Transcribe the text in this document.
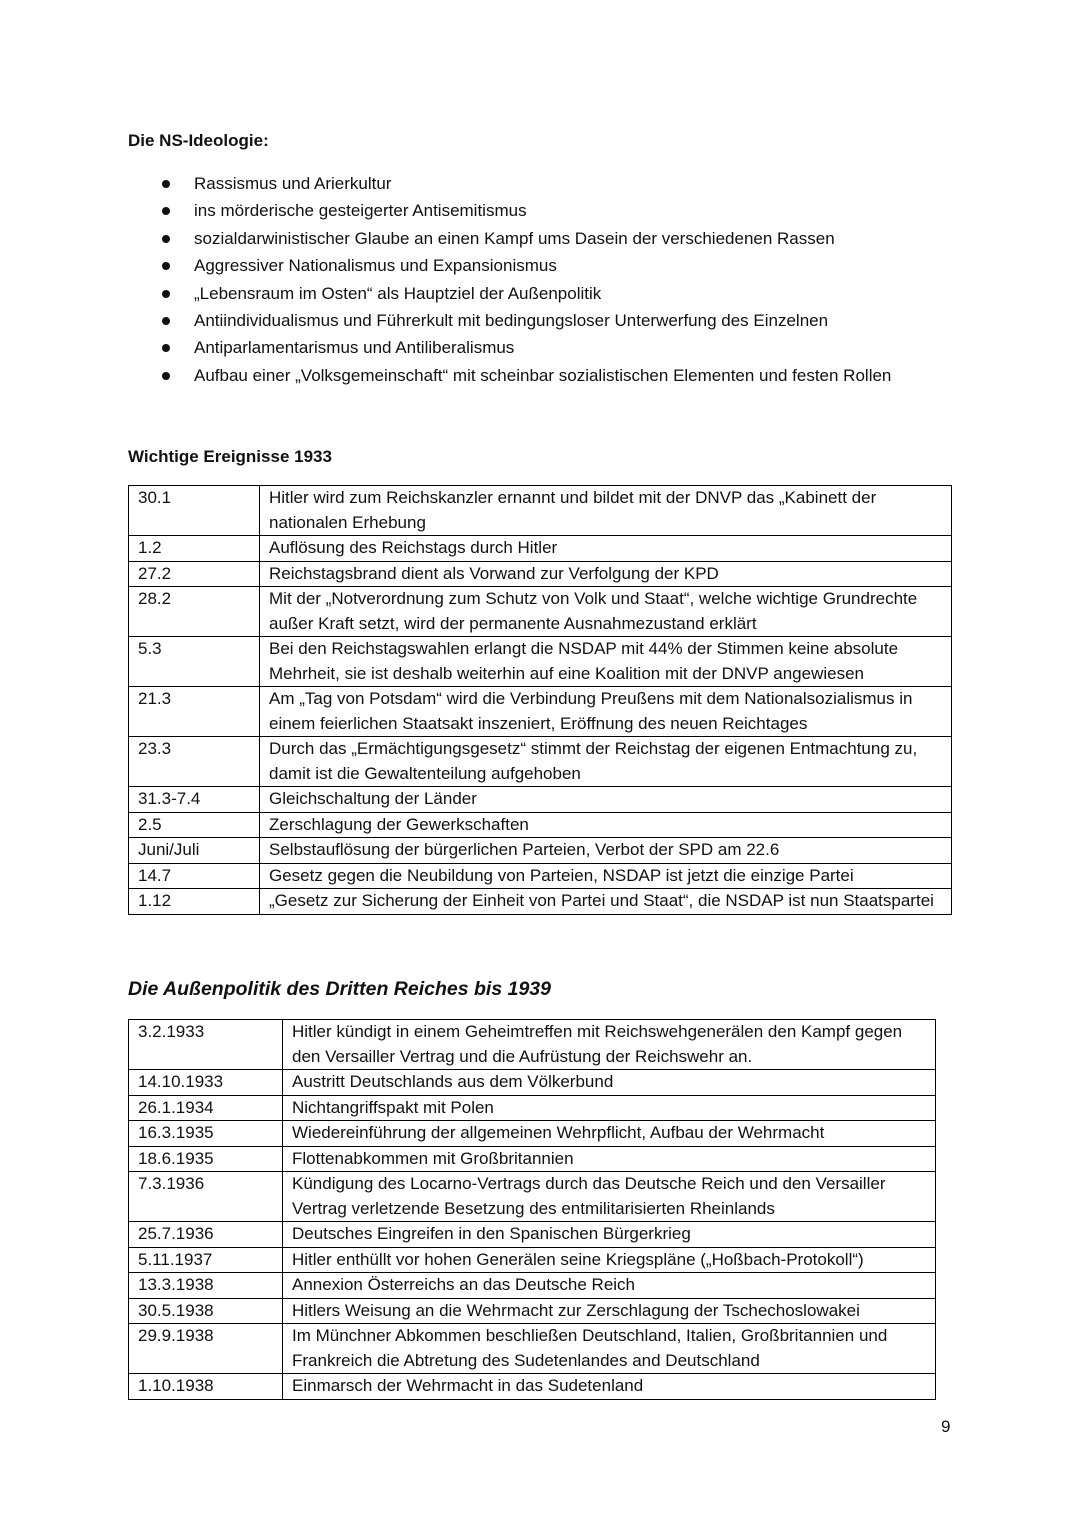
Die NS-Ideologie:
Rassismus und Arierkultur
ins mörderische gesteigerter Antisemitismus
sozialdarwinistischer Glaube an einen Kampf ums Dasein der verschiedenen Rassen
Aggressiver Nationalismus und Expansionismus
„Lebensraum im Osten“ als Hauptziel der Außenpolitik
Antiindividualismus und Führerkult mit bedingungsloser Unterwerfung des Einzelnen
Antiparlamentarismus und Antiliberalismus
Aufbau einer „Volksgemeinschaft“ mit scheinbar sozialistischen Elementen und festen Rollen
Wichtige Ereignisse 1933
30.1	Hitler wird zum Reichskanzler ernannt und bildet mit der DNVP das „Kabinett der nationalen Erhebung
1.2	Auflösung des Reichstags durch Hitler
27.2	Reichstagsbrand dient als Vorwand zur Verfolgung der KPD
28.2	Mit der „Notverordnung zum Schutz von Volk und Staat“, welche wichtige Grundrechte außer Kraft setzt, wird der permanente Ausnahmezustand erklärt
5.3	Bei den Reichstagswahlen erlangt die NSDAP mit 44% der Stimmen keine absolute Mehrheit, sie ist deshalb weiterhin auf eine Koalition mit der DNVP angewiesen
21.3	Am „Tag von Potsdam“ wird die Verbindung Preußens mit dem Nationalsozialismus in einem feierlichen Staatsakt inszeniert, Eröffnung des neuen Reichtages
23.3	Durch das „Ermächtigungsgesetz“ stimmt der Reichstag der eigenen Entmachtung zu, damit ist die Gewaltenteilung aufgehoben
31.3-7.4	Gleichschaltung der Länder
2.5	Zerschlagung der Gewerkschaften
Juni/Juli	Selbstauflösung der bürgerlichen Parteien, Verbot der SPD am 22.6
14.7	Gesetz gegen die Neubildung von Parteien, NSDAP ist jetzt die einzige Partei
1.12	„Gesetz zur Sicherung der Einheit von Partei und Staat“, die NSDAP ist nun Staatspartei
Die Außenpolitik des Dritten Reiches bis 1939
3.2.1933	Hitler kündigt in einem Geheimtreffen mit Reichswehgenerälen den Kampf gegen den Versailler Vertrag und die Aufrüstung der Reichswehr an.
14.10.1933	Austritt Deutschlands aus dem Völkerbund
26.1.1934	Nichtangriffspakt mit Polen
16.3.1935	Wiedereinführung der allgemeinen Wehrpflicht, Aufbau der Wehrmacht
18.6.1935	Flottenabkommen mit Großbritannien
7.3.1936	Kündigung des Locarno-Vertrags durch das Deutsche Reich und den Versailler Vertrag verletzende Besetzung des entmilitarisierten Rheinlands
25.7.1936	Deutsches Eingreifen in den Spanischen Bürgerkrieg
5.11.1937	Hitler enthüllt vor hohen Generälen seine Kriegspläne („Hoßbach-Protokoll“)
13.3.1938	Annexion Österreichs an das Deutsche Reich
30.5.1938	Hitlers Weisung an die Wehrmacht zur Zerschlagung der Tschechoslowakei
29.9.1938	Im Münchner Abkommen beschließen Deutschland, Italien, Großbritannien und Frankreich die Abtretung des Sudetenlandes and Deutschland
1.10.1938	Einmarsch der Wehrmacht in das Sudetenland
9
